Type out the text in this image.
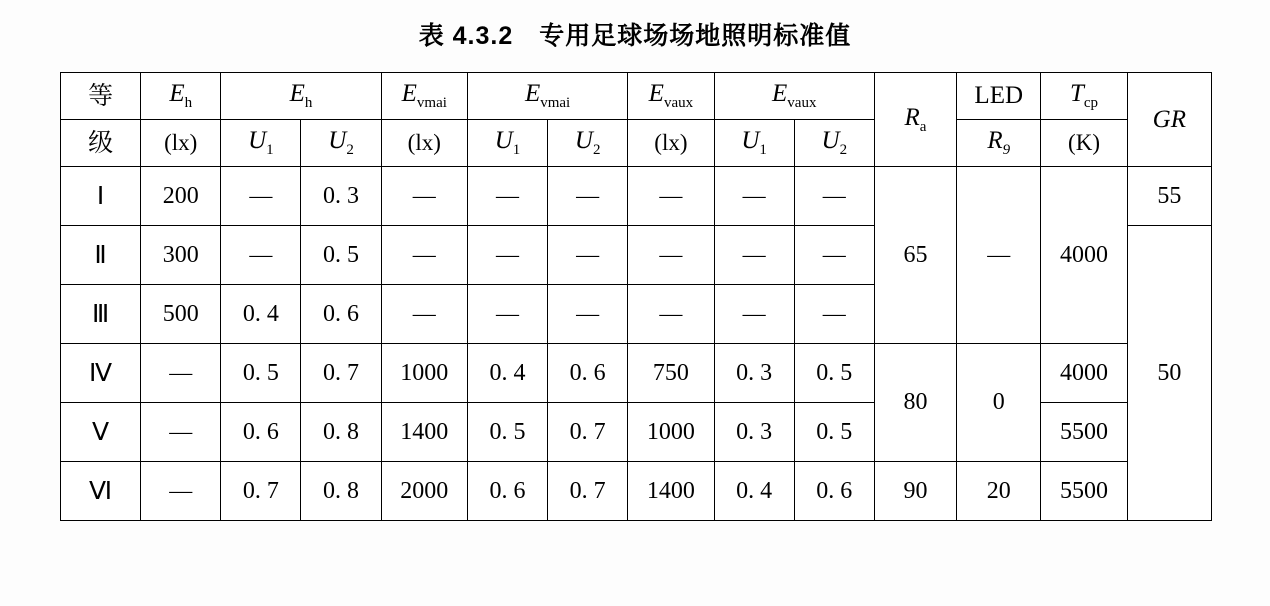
表 4.3.2 专用足球场场地照明标准值
等	$E_h$	$E_h$		$E_{vmai}$	$E_{vmai}$		$E_{vaux}$	$E_{vaux}$		$R_a$	LED	$T_{cp}$	GR
级	(lx)	$U_1$	$U_2$	(lx)	$U_1$	$U_2$	(lx)	$U_1$	$U_2$		$R_9$	(K)	
Ⅰ	200	—	0. 3	—	—	—	—	—	—	65	—	4000	55
Ⅱ	300	—	0. 5	—	—	—	—	—	—				50
Ⅲ	500	0. 4	0. 6	—	—	—	—	—	—				
Ⅳ	—	0. 5	0. 7	1000	0. 4	0. 6	750	0. 3	0. 5	80	0	4000	
Ⅴ	—	0. 6	0. 8	1400	0. 5	0. 7	1000	0. 3	0. 5			5500	
Ⅵ	—	0. 7	0. 8	2000	0. 6	0. 7	1400	0. 4	0. 6	90	20	5500	
